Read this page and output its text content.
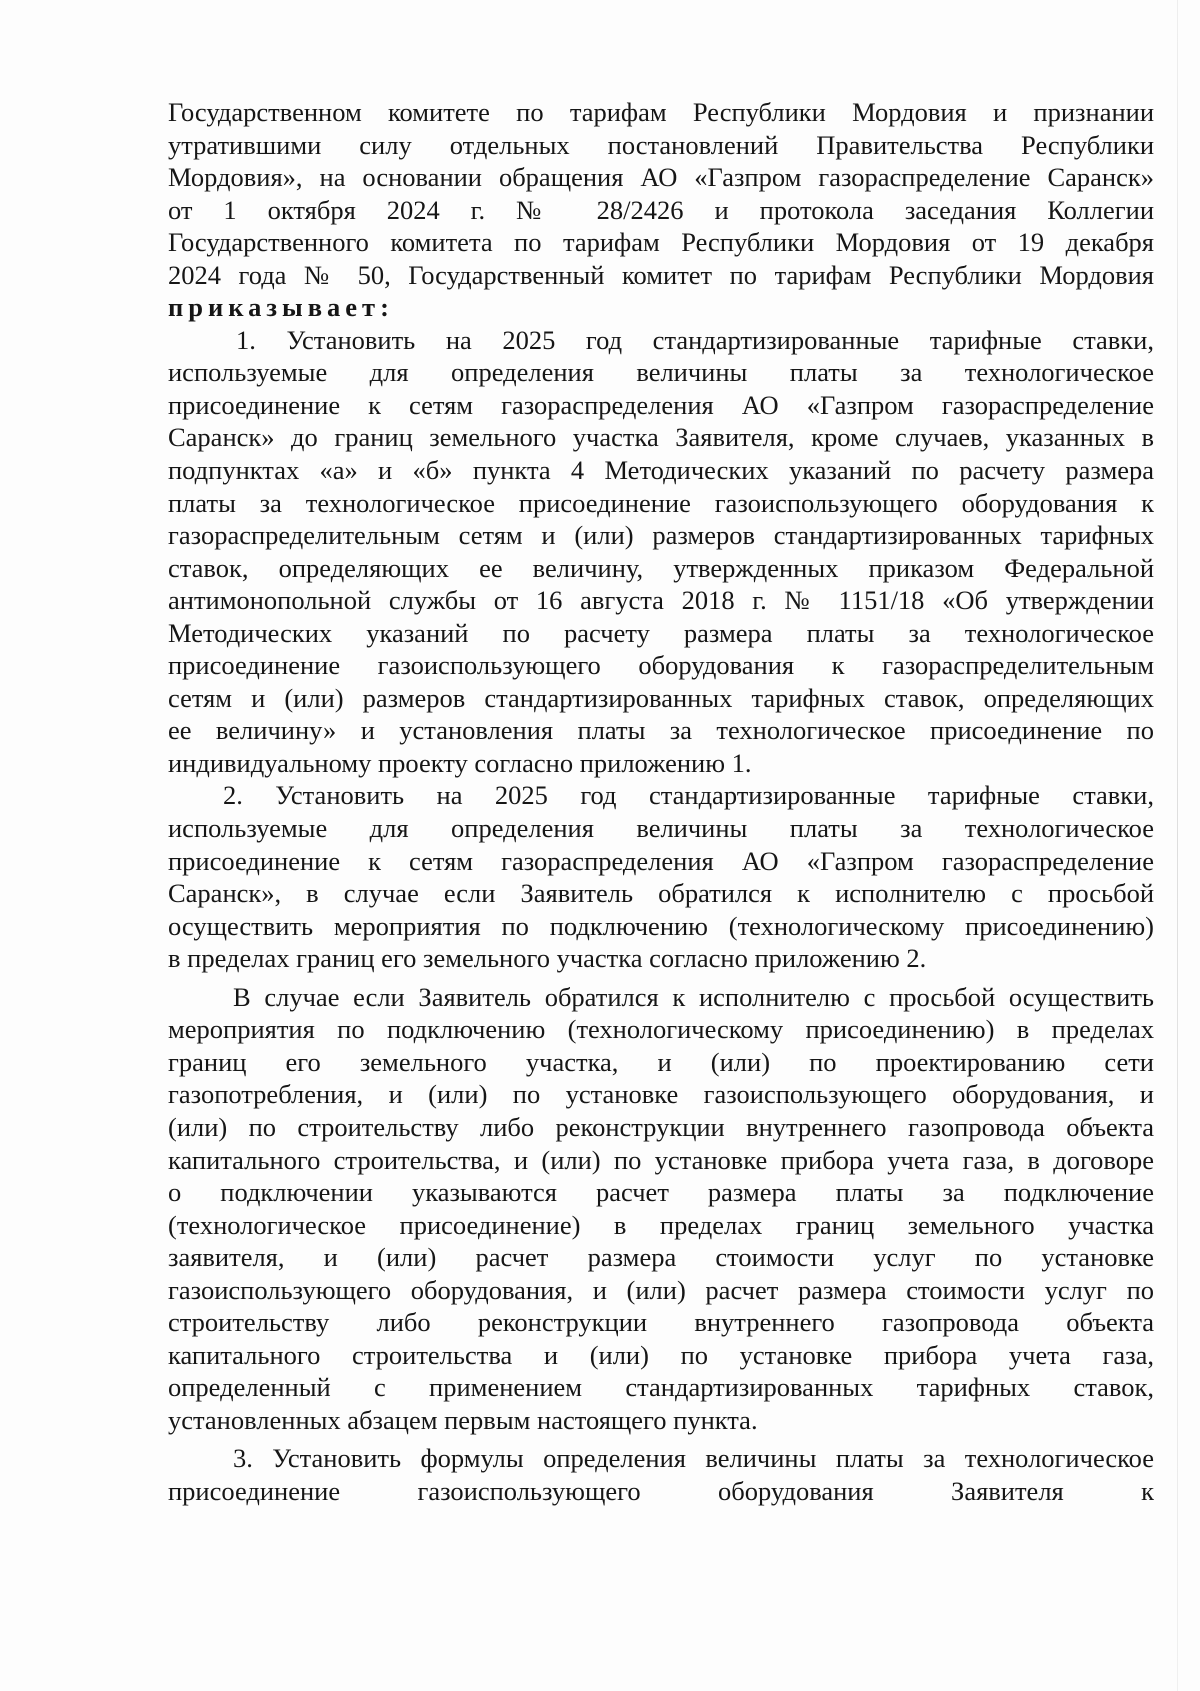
Государственном комитете по тарифам Республики Мордовия и признании
утратившими силу отдельных постановлений Правительства Республики
Мордовия», на основании обращения АО «Газпром газораспределение Саранск»
от 1 октября 2024 г. № 28/2426 и протокола заседания Коллегии
Государственного комитета по тарифам Республики Мордовия от 19 декабря
2024 года № 50, Государственный комитет по тарифам Республики Мордовия
приказывает:
1. Установить на 2025 год стандартизированные тарифные ставки,
используемые для определения величины платы за технологическое
присоединение к сетям газораспределения АО «Газпром газораспределение
Саранск» до границ земельного участка Заявителя, кроме случаев, указанных в
подпунктах «а» и «б» пункта 4 Методических указаний по расчету размера
платы за технологическое присоединение газоиспользующего оборудования к
газораспределительным сетям и (или) размеров стандартизированных тарифных
ставок, определяющих ее величину, утвержденных приказом Федеральной
антимонопольной службы от 16 августа 2018 г. № 1151/18 «Об утверждении
Методических указаний по расчету размера платы за технологическое
присоединение газоиспользующего оборудования к газораспределительным
сетям и (или) размеров стандартизированных тарифных ставок, определяющих
ее величину» и установления платы за технологическое присоединение по
индивидуальному проекту согласно приложению 1.
2. Установить на 2025 год стандартизированные тарифные ставки,
используемые для определения величины платы за технологическое
присоединение к сетям газораспределения АО «Газпром газораспределение
Саранск», в случае если Заявитель обратился к исполнителю с просьбой
осуществить мероприятия по подключению (технологическому присоединению)
в пределах границ его земельного участка согласно приложению 2.
В случае если Заявитель обратился к исполнителю с просьбой осуществить
мероприятия по подключению (технологическому присоединению) в пределах
границ его земельного участка, и (или) по проектированию сети
газопотребления, и (или) по установке газоиспользующего оборудования, и
(или) по строительству либо реконструкции внутреннего газопровода объекта
капитального строительства, и (или) по установке прибора учета газа, в договоре
о подключении указываются расчет размера платы за подключение
(технологическое присоединение) в пределах границ земельного участка
заявителя, и (или) расчет размера стоимости услуг по установке
газоиспользующего оборудования, и (или) расчет размера стоимости услуг по
строительству либо реконструкции внутреннего газопровода объекта
капитального строительства и (или) по установке прибора учета газа,
определенный с применением стандартизированных тарифных ставок,
установленных абзацем первым настоящего пункта.
3. Установить формулы определения величины платы за технологическое
присоединение газоиспользующего оборудования Заявителя к
